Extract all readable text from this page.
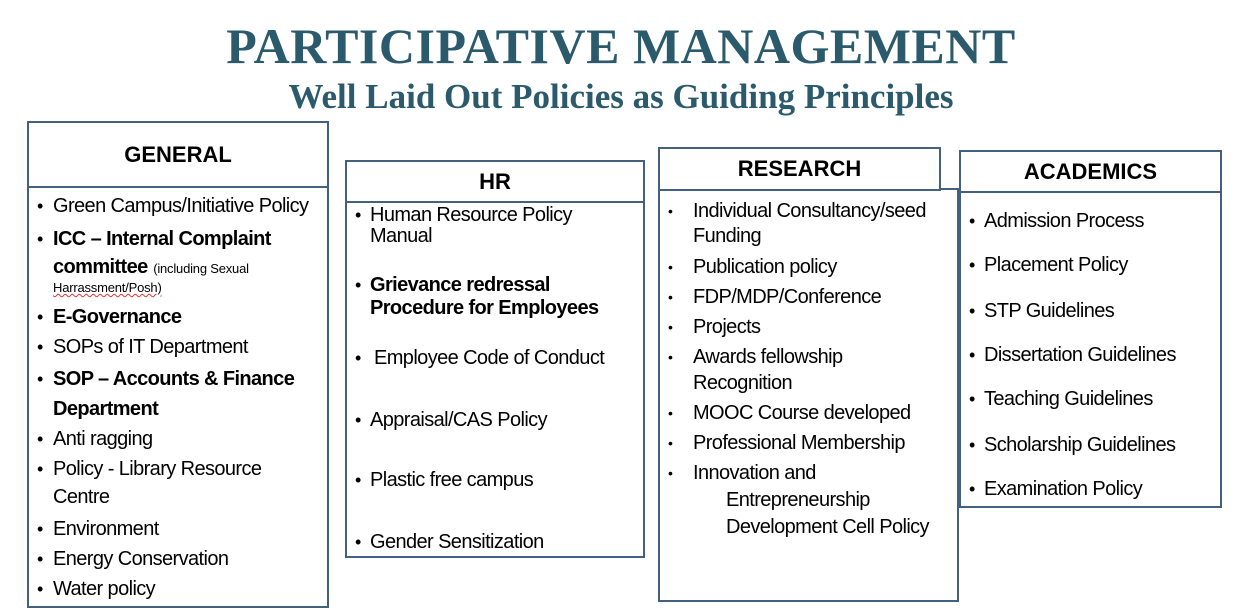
PARTICIPATIVE MANAGEMENT
Well Laid Out Policies as Guiding Principles
• Green Campus/Initiative Policy
• ICC – Internal Complaint
committee (including Sexual
Harrassment/Posh)
• E-Governance
• SOPs of IT Department
• SOP – Accounts & Finance
Department
• Anti ragging
• Policy - Library Resource
Centre
• Environment
• Energy Conservation
• Water policy
GENERAL
• Human Resource Policy
Manual
• Grievance redressal
Procedure for Employees
• Employee Code of Conduct
• Appraisal/CAS Policy
• Plastic free campus
• Gender Sensitization
HR
• Individual Consultancy/seed
Funding
• Publication policy
• FDP/MDP/Conference
• Projects
• Awards fellowship
Recognition
• MOOC Course developed
• Professional Membership
• Innovation and
Entrepreneurship
Development Cell Policy
RESEARCH
• Admission Process
• Placement Policy
• STP Guidelines
• Dissertation Guidelines
• Teaching Guidelines
• Scholarship Guidelines
• Examination Policy
ACADEMICS
